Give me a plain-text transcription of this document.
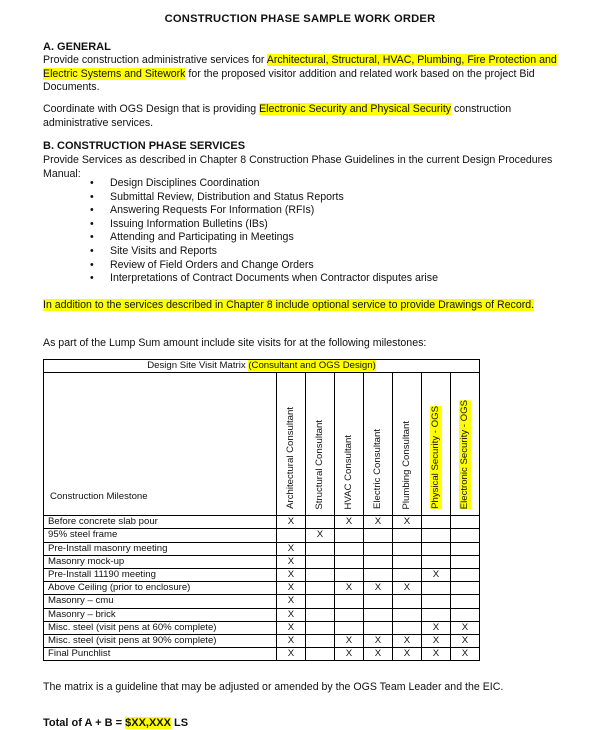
CONSTRUCTION PHASE SAMPLE WORK ORDER
A. GENERAL
Provide construction administrative services for Architectural, Structural, HVAC, Plumbing, Fire Protection and Electric Systems and Sitework for the proposed visitor addition and related work based on the project Bid Documents.
Coordinate with OGS Design that is providing Electronic Security and Physical Security construction administrative services.
B. CONSTRUCTION PHASE SERVICES
Provide Services as described in Chapter 8 Construction Phase Guidelines in the current Design Procedures Manual:
• Design Disciplines Coordination
• Submittal Review, Distribution and Status Reports
• Answering Requests For Information (RFIs)
• Issuing Information Bulletins (IBs)
• Attending and Participating in Meetings
• Site Visits and Reports
• Review of Field Orders and Change Orders
• Interpretations of Contract Documents when Contractor disputes arise
In addition to the services described in Chapter 8 include optional service to provide Drawings of Record.
As part of the Lump Sum amount include site visits for at the following milestones:
Design Site Visit Matrix (Consultant and OGS Design)							
Construction Milestone	Architectural Consultant	Structural Consultant	HVAC Consultant	Electric Consultant	Plumbing Consultant	Physical Security - OGS	Electronic Security - OGS

Before concrete slab pour	X		X	X	X		
95% steel frame		X					
Pre-Install masonry meeting	X						
Masonry mock-up	X						
Pre-Install 11190 meeting	X					X	
Above Ceiling (prior to enclosure)	X		X	X	X		
Masonry – cmu	X						
Masonry – brick	X						
Misc. steel (visit pens at 60% complete)	X					X	X
Misc. steel (visit pens at 90% complete)	X		X	X	X	X	X
Final Punchlist	X		X	X	X	X	X
The matrix is a guideline that may be adjusted or amended by the OGS Team Leader and the EIC.
Total of A + B = $XX,XXX LS
